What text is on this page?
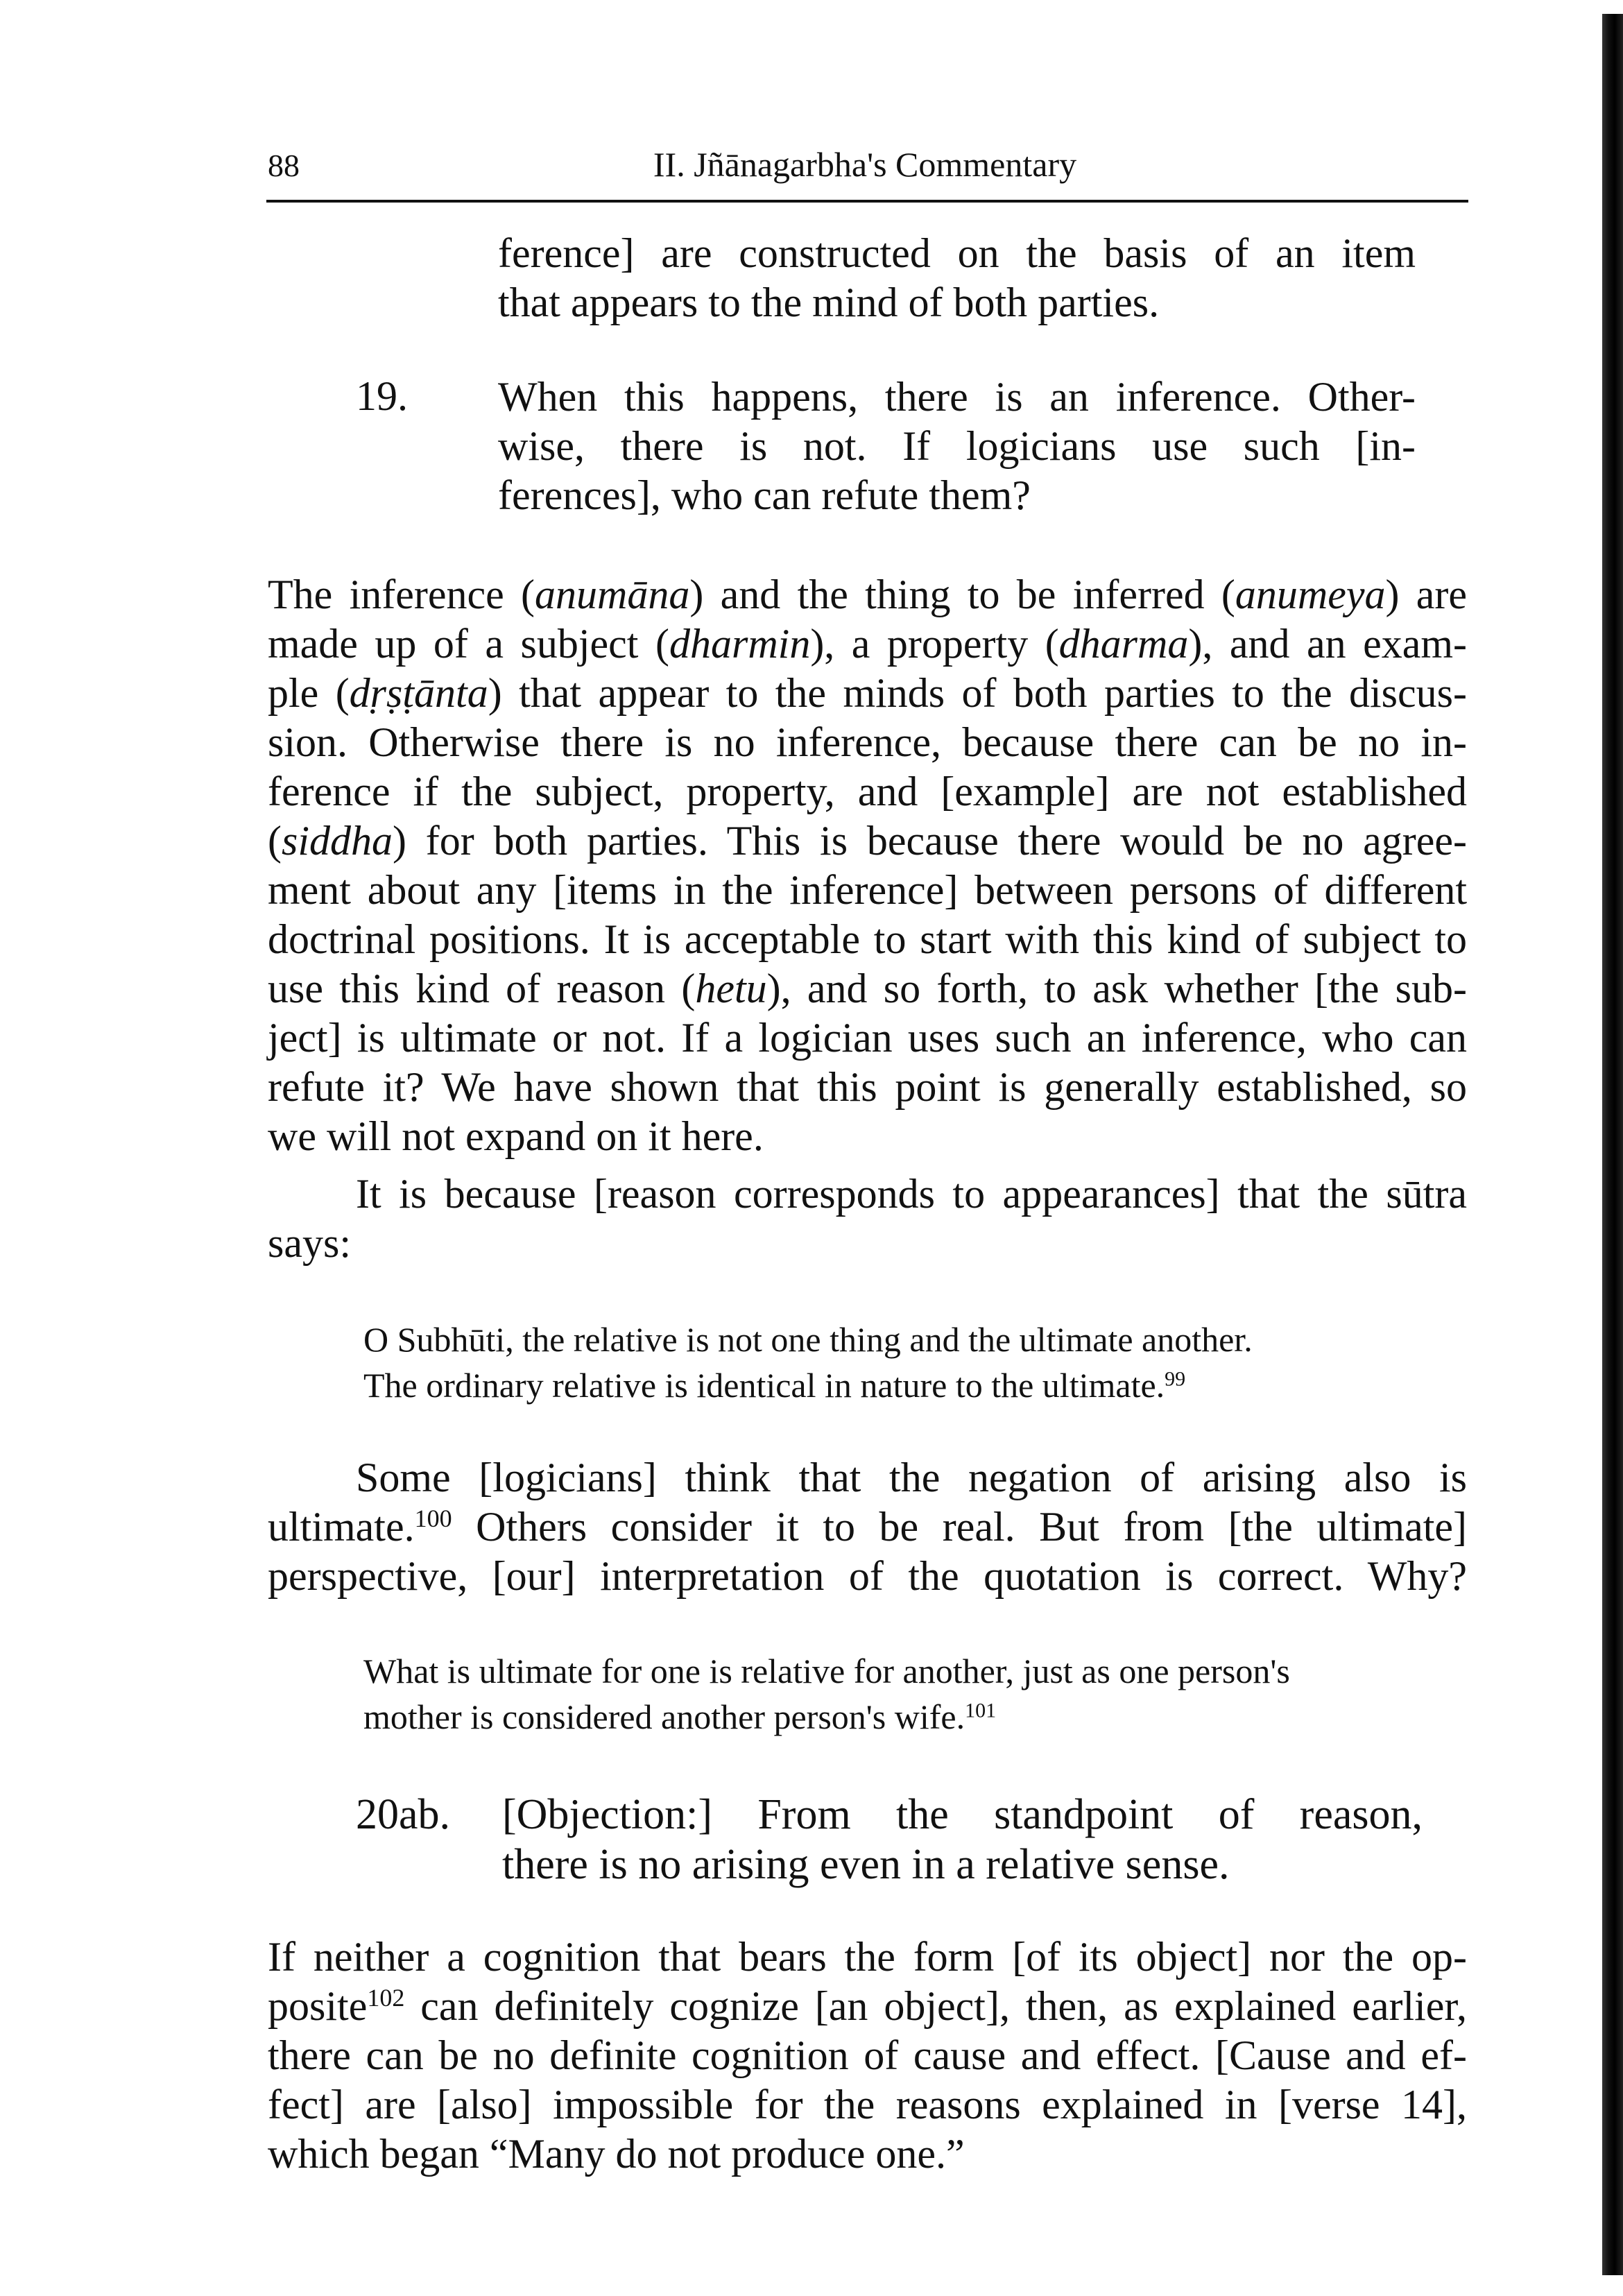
88	II. Jñānagarbha's Commentary
ference] are constructed on the basis of an item
that appears to the mind of both parties.
19. When this happens, there is an inference. Other-
wise, there is not. If logicians use such [in-
ferences], who can refute them?
The inference (anumāna) and the thing to be inferred (anumeya) are
made up of a subject (dharmin), a property (dharma), and an exam-
ple (dṛṣṭānta) that appear to the minds of both parties to the discus-
sion. Otherwise there is no inference, because there can be no in-
ference if the subject, property, and [example] are not established
(siddha) for both parties. This is because there would be no agree-
ment about any [items in the inference] between persons of different
doctrinal positions. It is acceptable to start with this kind of subject to
use this kind of reason (hetu), and so forth, to ask whether [the sub-
ject] is ultimate or not. If a logician uses such an inference, who can
refute it? We have shown that this point is generally established, so
we will not expand on it here.
It is because [reason corresponds to appearances] that the sūtra
says:
O Subhūti, the relative is not one thing and the ultimate another.
The ordinary relative is identical in nature to the ultimate.$^{99}$
Some [logicians] think that the negation of arising also is
ultimate.$^{100}$ Others consider it to be real. But from [the ultimate]
perspective, [our] interpretation of the quotation is correct. Why?
What is ultimate for one is relative for another, just as one person's
mother is considered another person's wife.$^{101}$
20ab. [Objection:] From the standpoint of reason,
there is no arising even in a relative sense.
If neither a cognition that bears the form [of its object] nor the op-
posite$^{102}$ can definitely cognize [an object], then, as explained earlier,
there can be no definite cognition of cause and effect. [Cause and ef-
fect] are [also] impossible for the reasons explained in [verse 14],
which began “Many do not produce one.”
